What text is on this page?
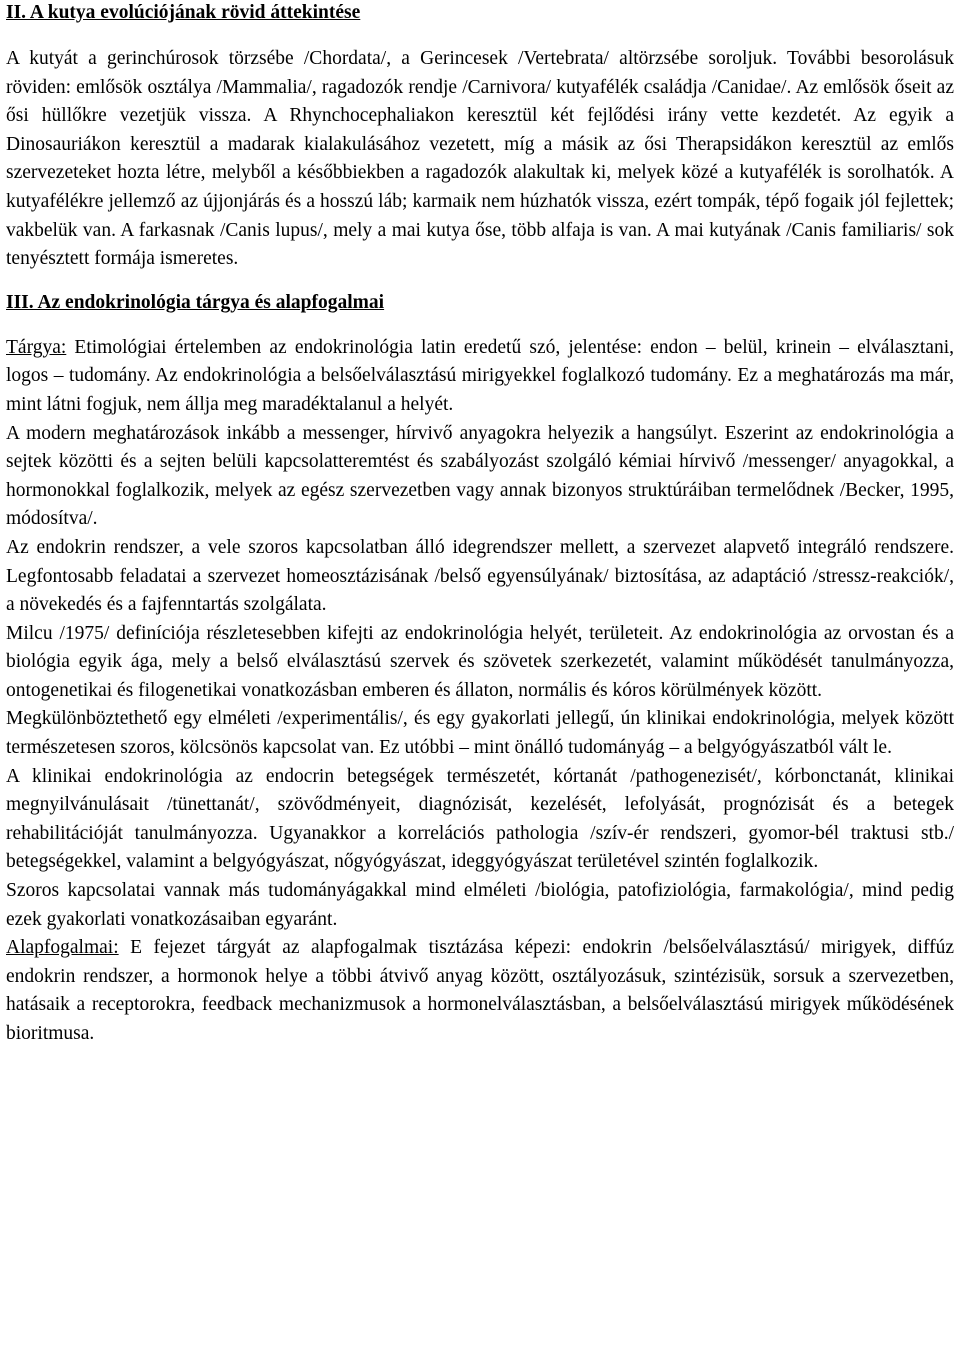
II. A kutya evolúciójának rövid áttekintése

A kutyát a gerinchúrosok törzsébe /Chordata/, a Gerincesek /Vertebrata/ altörzsébe soroljuk. További besorolásuk röviden: emlősök osztálya /Mammalia/, ragadozók rendje /Carnivora/ kutyafélék családja /Canidae/. Az emlősök őseit az ősi hüllőkre vezetjük vissza. A Rhynchocephaliakon keresztül két fejlődési irány vette kezdetét. Az egyik a Dinosauriákon keresztül a madarak kialakulásához vezetett, míg a másik az ősi Therapsidákon keresztül az emlős szervezeteket hozta létre, melyből a későbbiekben a ragadozók alakultak ki, melyek közé a kutyafélék is sorolhatók. A kutyafélékre jellemző az újjonjárás és a hosszú láb; karmaik nem húzhatók vissza, ezért tompák, tépő fogaik jól fejlettek; vakbelük van. A farkasnak /Canis lupus/, mely a mai kutya őse, több alfaja is van. A mai kutyának /Canis familiaris/ sok tenyésztett formája ismeretes.

III. Az endokrinológia tárgya és alapfogalmai

Tárgya: Etimológiai értelemben az endokrinológia latin eredetű szó, jelentése: endon – belül, krinein – elválasztani, logos – tudomány. Az endokrinológia a belsőelválasztású mirigyekkel foglalkozó tudomány. Ez a meghatározás ma már, mint látni fogjuk, nem állja meg maradéktalanul a helyét.

A modern meghatározások inkább a messenger, hírvivő anyagokra helyezik a hangsúlyt. Eszerint az endokrinológia a sejtek közötti és a sejten belüli kapcsolatteremtést és szabályozást szolgáló kémiai hírvivő /messenger/ anyagokkal, a hormonokkal foglalkozik, melyek az egész szervezetben vagy annak bizonyos struktúráiban termelődnek /Becker, 1995, módosítva/.

Az endokrin rendszer, a vele szoros kapcsolatban álló idegrendszer mellett, a szervezet alapvető integráló rendszere. Legfontosabb feladatai a szervezet homeosztázisának /belső egyensúlyának/ biztosítása, az adaptáció /stressz-reakciók/, a növekedés és a fajfenntartás szolgálata.

Milcu /1975/ definíciója részletesebben kifejti az endokrinológia helyét, területeit. Az endokrinológia az orvostan és a biológia egyik ága, mely a belső elválasztású szervek és szövetek szerkezetét, valamint működését tanulmányozza, ontogenetikai és filogenetikai vonatkozásban emberen és állaton, normális és kóros körülmények között.

Megkülönböztethető egy elméleti /experimentális/, és egy gyakorlati jellegű, ún klinikai endokrinológia, melyek között természetesen szoros, kölcsönös kapcsolat van. Ez utóbbi – mint önálló tudományág – a belgyógyászatból vált le.

A klinikai endokrinológia az endocrin betegségek természetét, kórtanát /pathogenezisét/, kórbonctanát, klinikai megnyilvánulásait /tünettanát/, szövődményeit, diagnózisát, kezelését, lefolyását, prognózisát és a betegek rehabilitációját tanulmányozza. Ugyanakkor a korrelációs pathologia /szív-ér rendszeri, gyomor-bél traktusi stb./ betegségekkel, valamint a belgyógyászat, nőgyógyászat, ideggyógyászat területével szintén foglalkozik.

Szoros kapcsolatai vannak más tudományágakkal mind elméleti /biológia, patofiziológia, farmakológia/, mind pedig ezek gyakorlati vonatkozásaiban egyaránt.

Alapfogalmai: E fejezet tárgyát az alapfogalmak tisztázása képezi: endokrin /belsőelválasztású/ mirigyek, diffúz endokrin rendszer, a hormonok helye a többi átvivő anyag között, osztályozásuk, szintézisük, sorsuk a szervezetben, hatásaik a receptorokra, feedback mechanizmusok a hormonelválasztásban, a belsőelválasztású mirigyek működésének bioritmusa.
